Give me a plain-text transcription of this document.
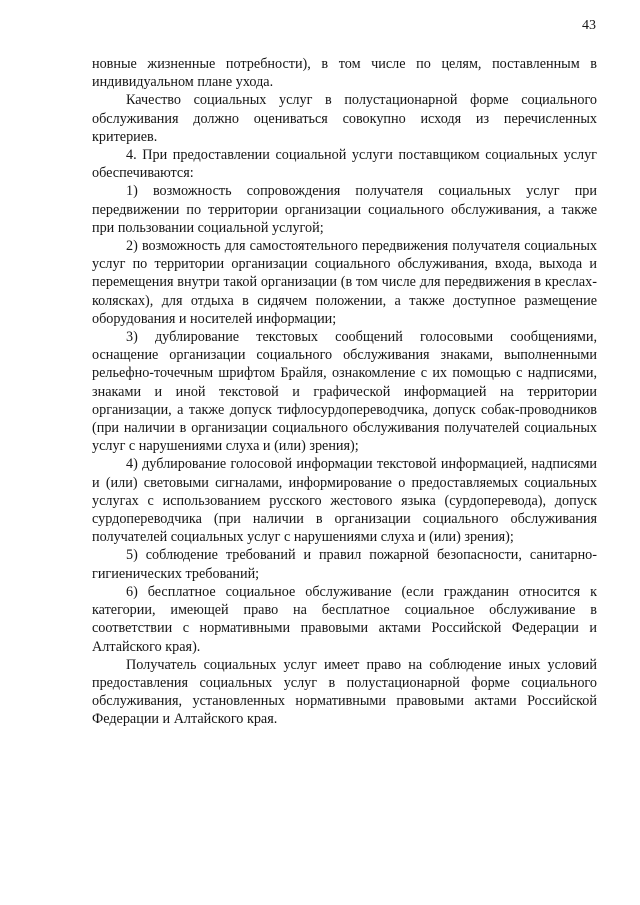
43

новные жизненные потребности), в том числе по целям, поставленным в индивидуальном плане ухода.

Качество социальных услуг в полустационарной форме социального обслуживания должно оцениваться совокупно исходя из перечисленных критериев.

4. При предоставлении социальной услуги поставщиком социальных услуг обеспечиваются:

1) возможность сопровождения получателя социальных услуг при передвижении по территории организации социального обслуживания, а также при пользовании социальной услугой;

2) возможность для самостоятельного передвижения получателя социальных услуг по территории организации социального обслуживания, входа, выхода и перемещения внутри такой организации (в том числе для передвижения в креслах-колясках), для отдыха в сидячем положении, а также доступное размещение оборудования и носителей информации;

3) дублирование текстовых сообщений голосовыми сообщениями, оснащение организации социального обслуживания знаками, выполненными рельефно-точечным шрифтом Брайля, ознакомление с их помощью с надписями, знаками и иной текстовой и графической информацией на территории организации, а также допуск тифлосурдопереводчика, допуск собак-проводников (при наличии в организации социального обслуживания получателей социальных услуг с нарушениями слуха и (или) зрения);

4) дублирование голосовой информации текстовой информацией, надписями и (или) световыми сигналами, информирование о предоставляемых социальных услугах с использованием русского жестового языка (сурдоперевода), допуск сурдопереводчика (при наличии в организации социального обслуживания получателей социальных услуг с нарушениями слуха и (или) зрения);

5) соблюдение требований и правил пожарной безопасности, санитарно-гигиенических требований;

6) бесплатное социальное обслуживание (если гражданин относится к категории, имеющей право на бесплатное социальное обслуживание в соответствии с нормативными правовыми актами Российской Федерации и Алтайского края).

Получатель социальных услуг имеет право на соблюдение иных условий предоставления социальных услуг в полустационарной форме социального обслуживания, установленных нормативными правовыми актами Российской Федерации и Алтайского края.
